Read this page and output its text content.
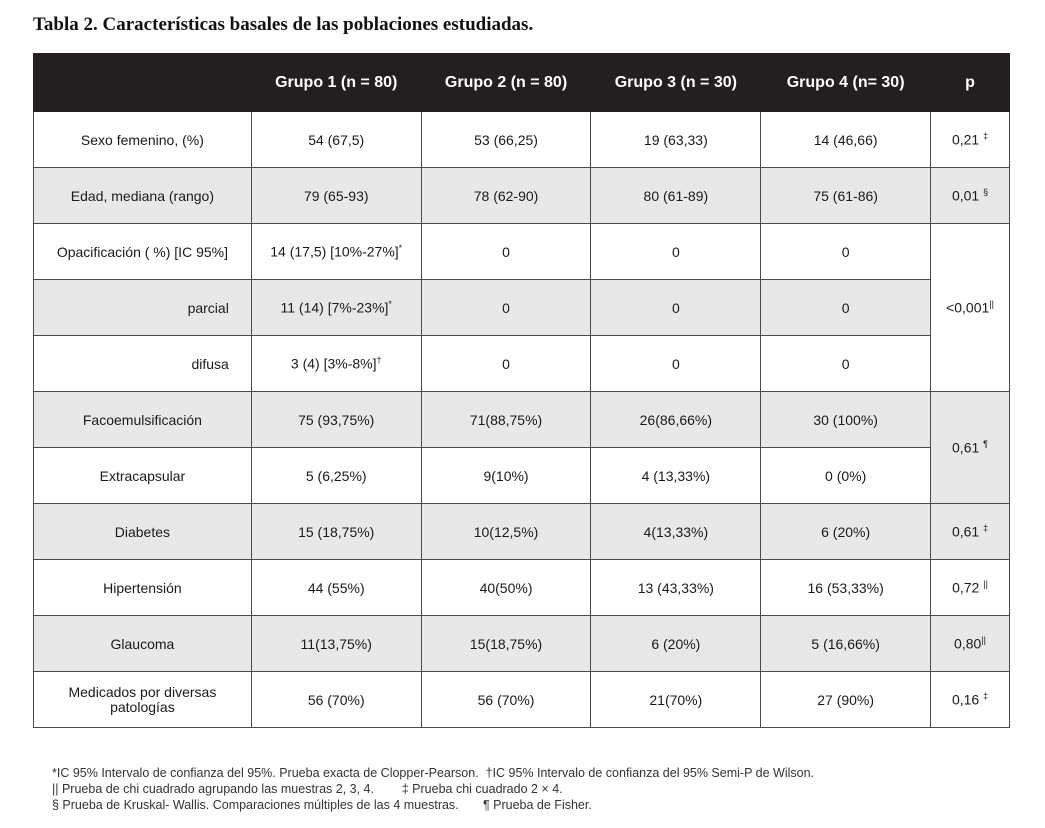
Tabla 2. Características basales de las poblaciones estudiadas.
	Grupo 1 (n = 80)	Grupo 2 (n = 80)	Grupo 3 (n = 30)	Grupo 4 (n= 30)	p
Sexo femenino, (%)	54 (67,5)	53 (66,25)	19 (63,33)	14 (46,66)	0,21 ‡
Edad, mediana (rango)	79 (65-93)	78 (62-90)	80 (61-89)	75 (61-86)	0,01 §
Opacificación ( %) [IC 95%]	14 (17,5) [10%-27%]*	0	0	0	<0,001||
parcial	11 (14) [7%-23%]*	0	0	0	
difusa	3 (4) [3%-8%]†	0	0	0	
Facoemulsificación	75 (93,75%)	71(88,75%)	26(86,66%)	30 (100%)	0,61 ¶
Extracapsular	5 (6,25%)	9(10%)	4 (13,33%)	0 (0%)	
Diabetes	15 (18,75%)	10(12,5%)	4(13,33%)	6 (20%)	0,61 ‡
Hipertensión	44 (55%)	40(50%)	13 (43,33%)	16 (53,33%)	0,72 ||
Glaucoma	11(13,75%)	15(18,75%)	6 (20%)	5 (16,66%)	0,80||
Medicados por diversas
patologías	56 (70%)	56 (70%)	21(70%)	27 (90%)	0,16 ‡
*IC 95% Intervalo de confianza del 95%. Prueba exacta de Clopper-Pearson.  †IC 95% Intervalo de confianza del 95% Semi-P de Wilson.
|| Prueba de chi cuadrado agrupando las muestras 2, 3, 4.        ‡ Prueba chi cuadrado 2 × 4.
§ Prueba de Kruskal- Wallis. Comparaciones múltiples de las 4 muestras.       ¶ Prueba de Fisher.
